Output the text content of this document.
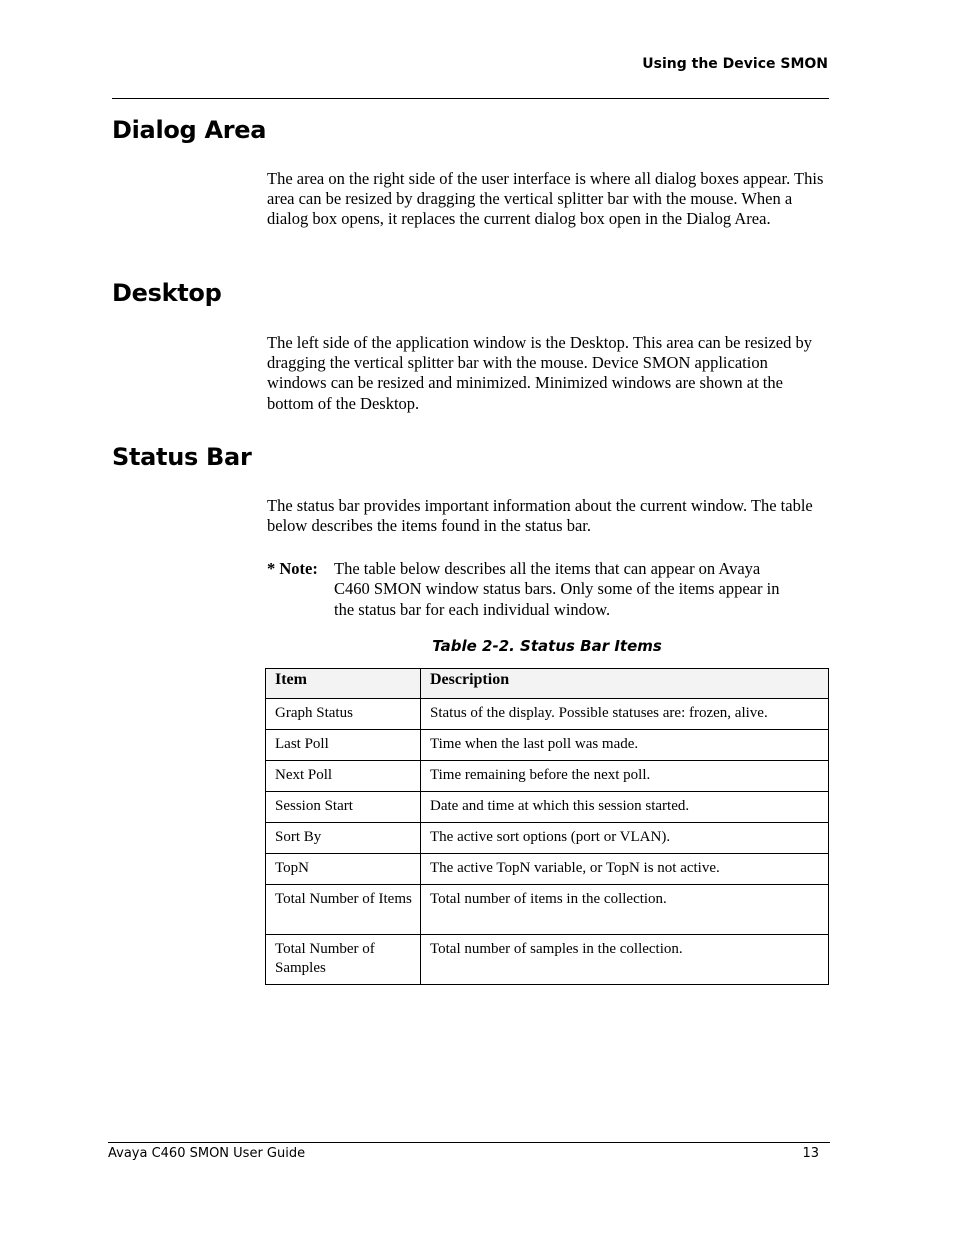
Using the Device SMON
Dialog Area

The area on the right side of the user interface is where all dialog boxes appear. This area can be resized by dragging the vertical splitter bar with the mouse. When a dialog box opens, it replaces the current dialog box open in the Dialog Area.

Desktop

The left side of the application window is the Desktop. This area can be resized by dragging the vertical splitter bar with the mouse. Device SMON application windows can be resized and minimized. Minimized windows are shown at the bottom of the Desktop.

Status Bar

The status bar provides important information about the current window. The table below describes the items found in the status bar.

* Note: The table below describes all the items that can appear on Avaya C460 SMON window status bars. Only some of the items appear in the status bar for each individual window.
Table 2-2. Status Bar Items
Item	Description
Graph Status	Status of the display. Possible statuses are: frozen, alive.
Last Poll	Time when the last poll was made.
Next Poll	Time remaining before the next poll.
Session Start	Date and time at which this session started.
Sort By	The active sort options (port or VLAN).
TopN	The active TopN variable, or TopN is not active.
Total Number of Items	Total number of items in the collection.
Total Number of Samples	Total number of samples in the collection.
Avaya C460 SMON User Guide	13
